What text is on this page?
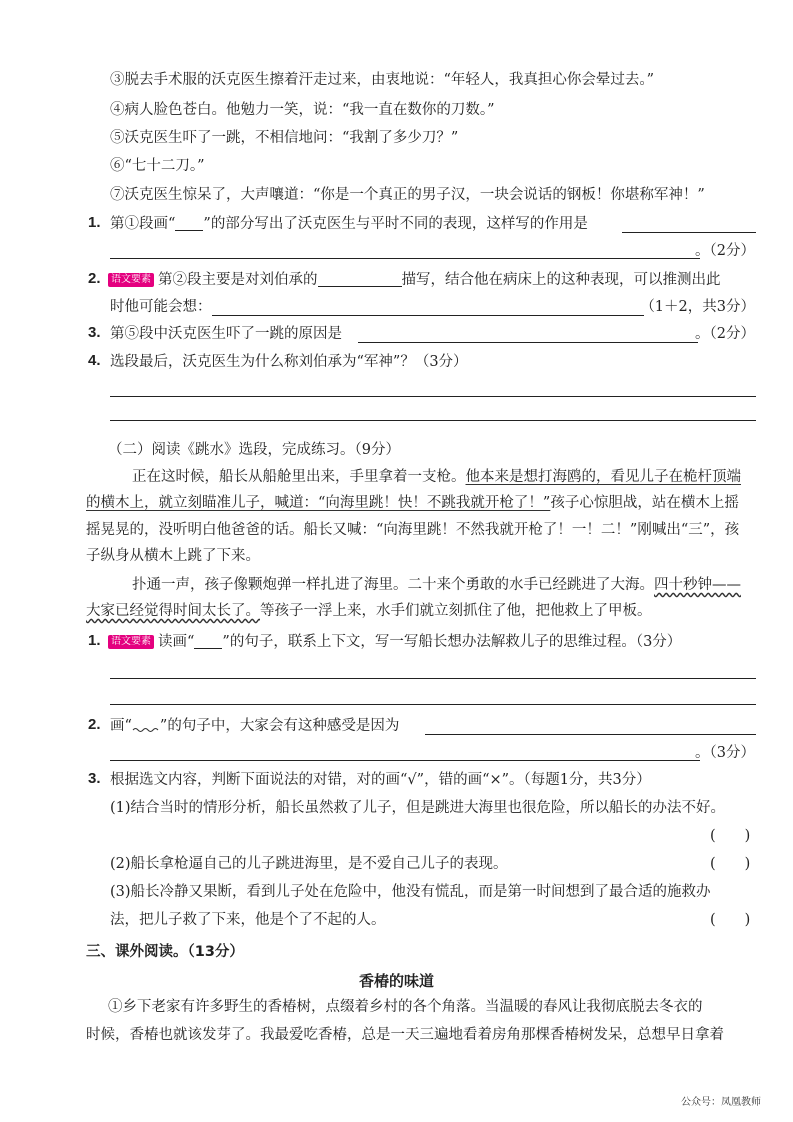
③脱去手术服的沃克医生擦着汗走过来，由衷地说：“年轻人，我真担心你会晕过去。”
④病人脸色苍白。他勉力一笑，说：“我一直在数你的刀数。”
⑤沃克医生吓了一跳，不相信地问：“我割了多少刀？”
⑥“七十二刀。”
⑦沃克医生惊呆了，大声嚷道：“你是一个真正的男子汉，一块会说话的钢板！你堪称军神！”
1. 第①段画“ ”的部分写出了沃克医生与平时不同的表现，这样写的作用是
。（2分）
2.	语文要素 第②段主要是对刘伯承的	描写，结合他在病床上的这种表现，可以推测出此
时他可能会想：	（1＋2，共3分）
3. 第⑤段中沃克医生吓了一跳的原因是	。（2分）
4. 选段最后，沃克医生为什么称刘伯承为“军神”？（3分）
（二）阅读《跳水》选段，完成练习。（9分）
正在这时候，船长从船舱里出来，手里拿着一支枪。他本来是想打海鸥的，看见儿子在桅杆顶端
的横木上，就立刻瞄准儿子，喊道：“向海里跳！快！不跳我就开枪了！”孩子心惊胆战，站在横木上摇
摇晃晃的，没听明白他爸爸的话。船长又喊：“向海里跳！不然我就开枪了！一！二！”刚喊出“三”，孩
子纵身从横木上跳了下来。
扑通一声，孩子像颗炮弹一样扎进了海里。二十来个勇敢的水手已经跳进了大海。四十秒钟——
大家已经觉得时间太长了。等孩子一浮上来，水手们就立刻抓住了他，把他救上了甲板。
1.	语文要素 读画“ ”的句子，联系上下文，写一写船长想办法解救儿子的思维过程。（3分）
2. 画“ ”的句子中，大家会有这种感受是因为
。（3分）
3. 根据选文内容，判断下面说法的对错，对的画“√”，错的画“×”。（每题1分，共3分）
(1)结合当时的情形分析，船长虽然救了儿子，但是跳进大海里也很危险，所以船长的办法不好。
(　　)
(2)船长拿枪逼自己的儿子跳进海里，是不爱自己儿子的表现。	(　　)
(3)船长冷静又果断，看到儿子处在危险中，他没有慌乱，而是第一时间想到了最合适的施救办
法，把儿子救了下来，他是个了不起的人。	(　　)
三、课外阅读。（13分）
香椿的味道
①乡下老家有许多野生的香椿树，点缀着乡村的各个角落。当温暖的春风让我彻底脱去冬衣的
时候，香椿也就该发芽了。我最爱吃香椿，总是一天三遍地看着房角那棵香椿树发呆，总想早日拿着
公众号：凤凰教师
